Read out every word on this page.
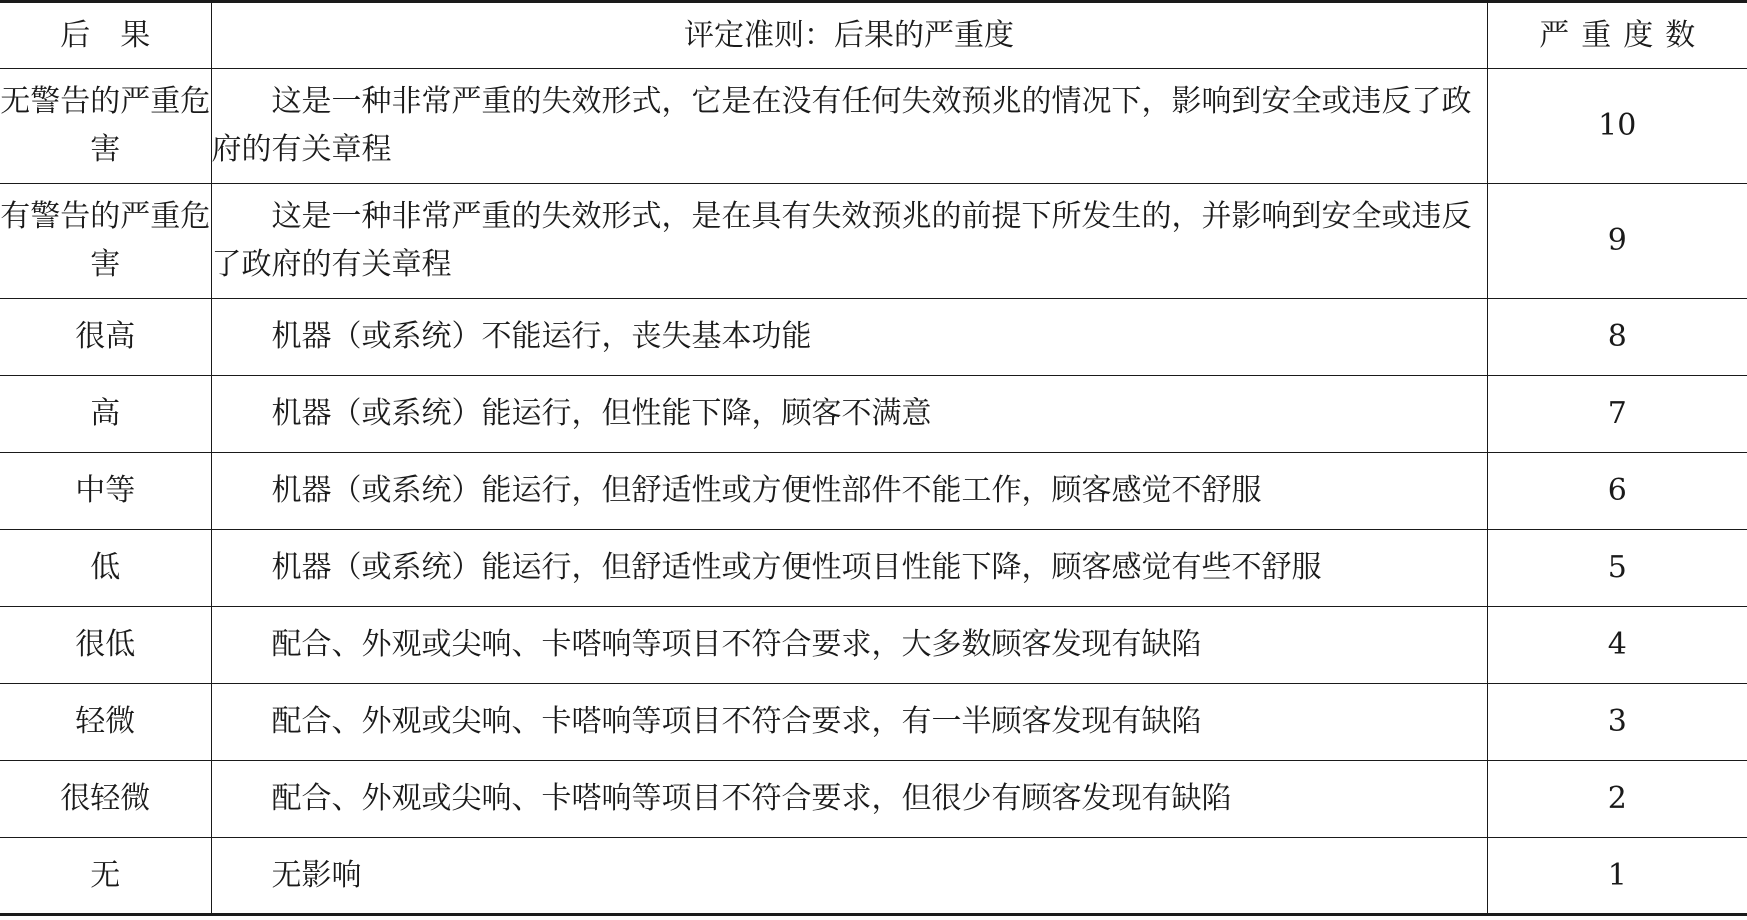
后　果	评定准则：后果的严重度	严重度数
无警告的严重危害	这是一种非常严重的失效形式，它是在没有任何失效预兆的情况下，影响到安全或违反了政府的有关章程	10
有警告的严重危害	这是一种非常严重的失效形式，是在具有失效预兆的前提下所发生的，并影响到安全或违反了政府的有关章程	9
很高	机器（或系统）不能运行，丧失基本功能	8
高	机器（或系统）能运行，但性能下降，顾客不满意	7
中等	机器（或系统）能运行，但舒适性或方便性部件不能工作，顾客感觉不舒服	6
低	机器（或系统）能运行，但舒适性或方便性项目性能下降，顾客感觉有些不舒服	5
很低	配合、外观或尖响、卡嗒响等项目不符合要求，大多数顾客发现有缺陷	4
轻微	配合、外观或尖响、卡嗒响等项目不符合要求，有一半顾客发现有缺陷	3
很轻微	配合、外观或尖响、卡嗒响等项目不符合要求，但很少有顾客发现有缺陷	2
无	无影响	1
